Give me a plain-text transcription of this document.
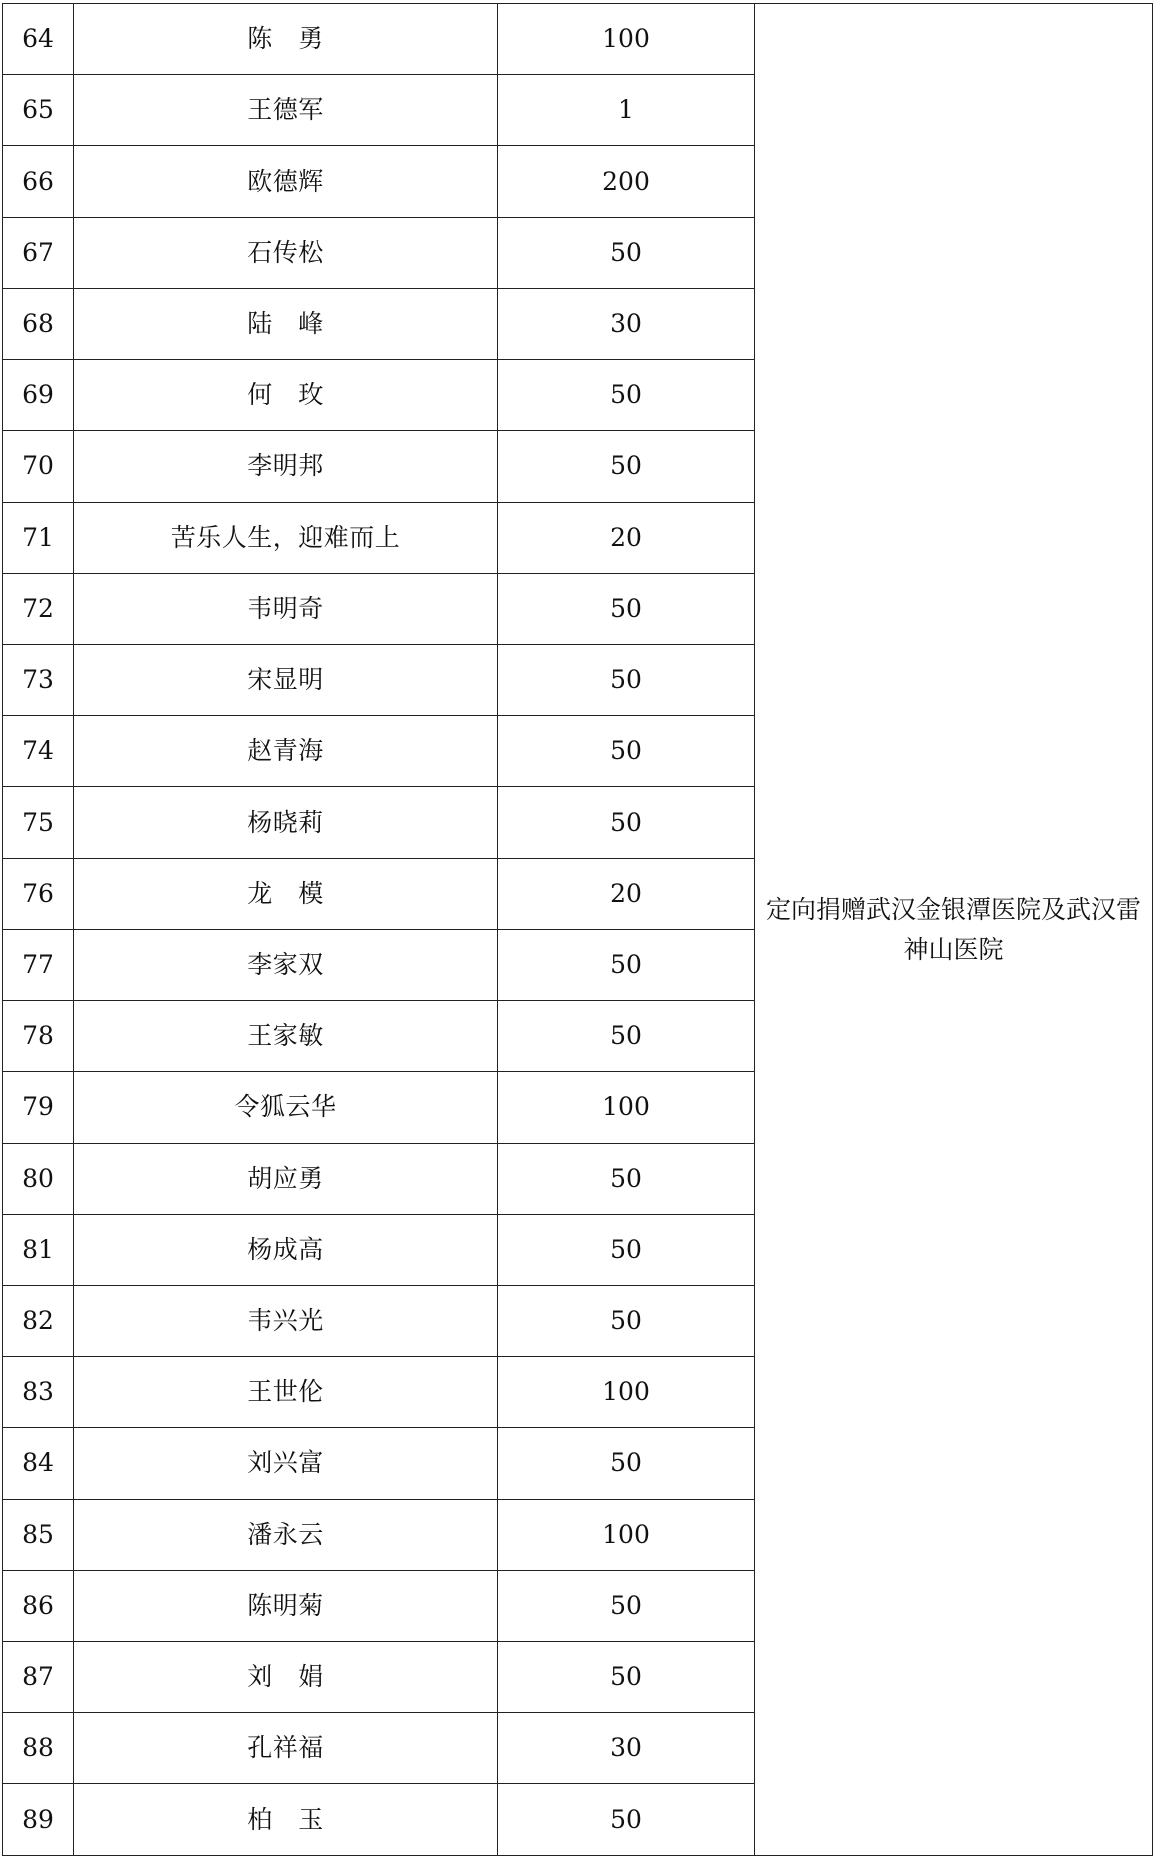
64	陈　勇	100	定向捐赠武汉金银潭医院及武汉雷神山医院
65	王德军	1	
66	欧德辉	200	
67	石传松	50	
68	陆　峰	30	
69	何　玫	50	
70	李明邦	50	
71	苦乐人生，迎难而上	20	
72	韦明奇	50	
73	宋显明	50	
74	赵青海	50	
75	杨晓莉	50	
76	龙　模	20	
77	李家双	50	
78	王家敏	50	
79	令狐云华	100	
80	胡应勇	50	
81	杨成高	50	
82	韦兴光	50	
83	王世伦	100	
84	刘兴富	50	
85	潘永云	100	
86	陈明菊	50	
87	刘　娟	50	
88	孔祥福	30	
89	柏　玉	50	
